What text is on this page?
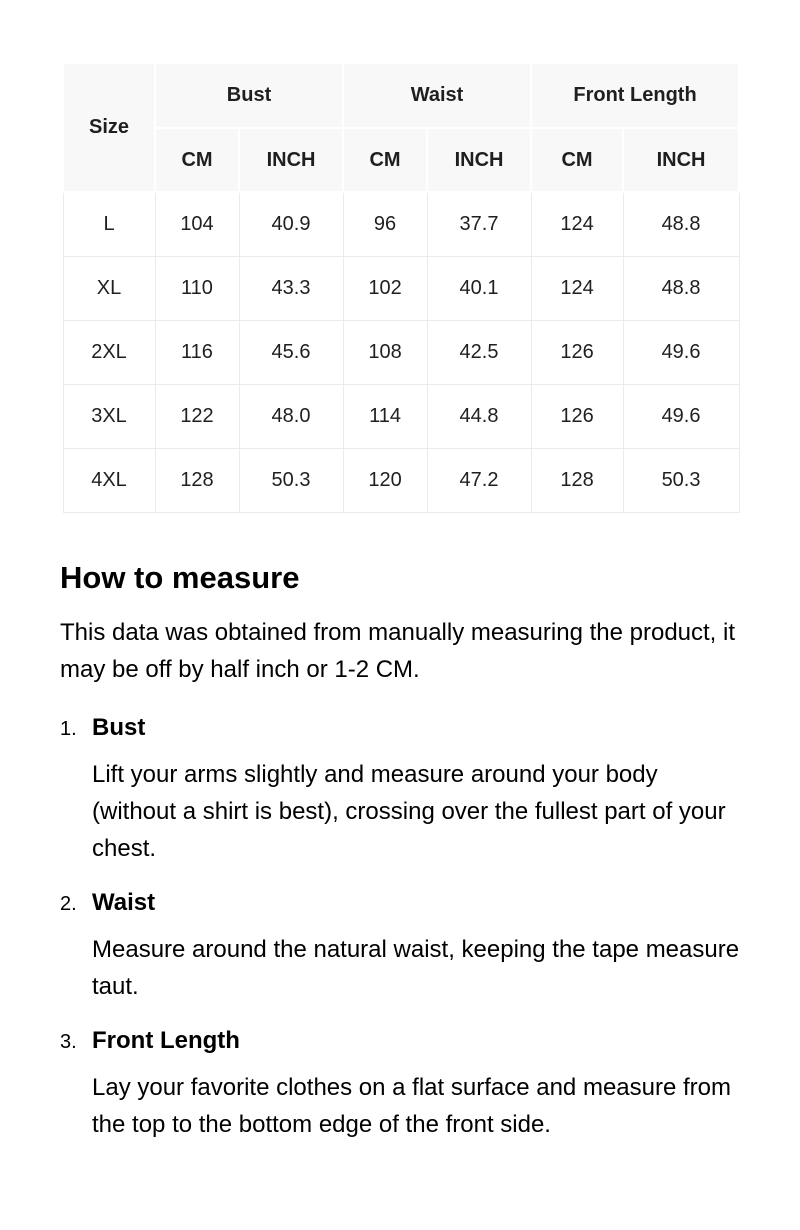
Size	Bust		Waist		Front Length	
	CM	INCH	CM	INCH	CM	INCH
L	104	40.9	96	37.7	124	48.8
XL	110	43.3	102	40.1	124	48.8
2XL	116	45.6	108	42.5	126	49.6
3XL	122	48.0	114	44.8	126	49.6
4XL	128	50.3	120	47.2	128	50.3
How to measure

This data was obtained from manually measuring the product, it may be off by half inch or 1-2 CM.

1. Bust

Lift your arms slightly and measure around your body (without a shirt is best), crossing over the fullest part of your chest.

2. Waist

Measure around the natural waist, keeping the tape measure taut.

3. Front Length

Lay your favorite clothes on a flat surface and measure from the top to the bottom edge of the front side.
